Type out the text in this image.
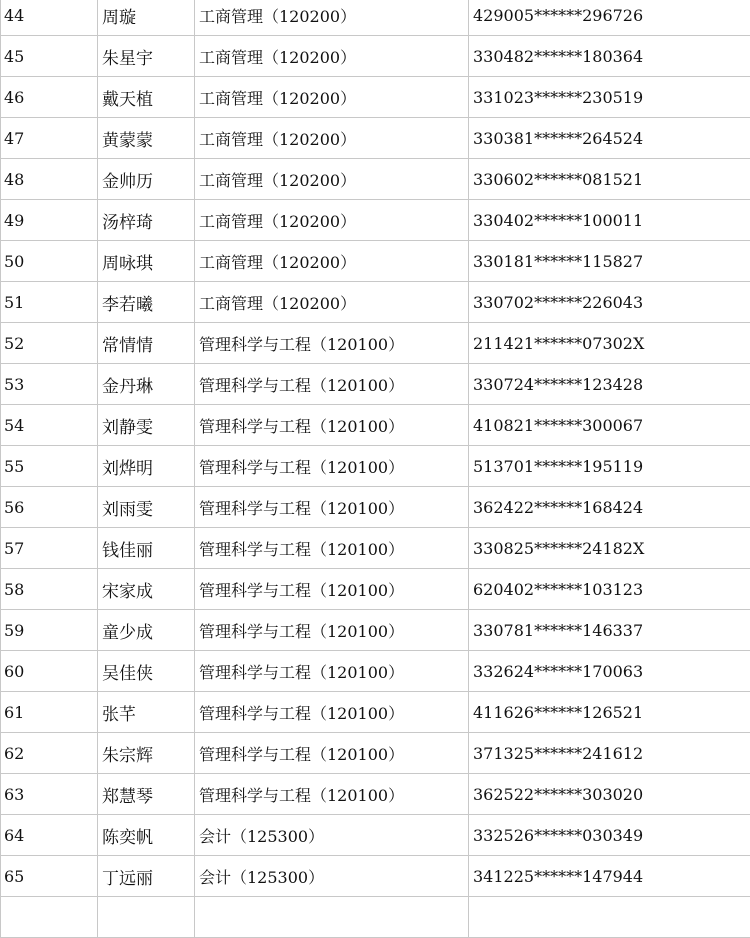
44	周璇	工商管理（120200）	429005******296726
45	朱星宇	工商管理（120200）	330482******180364
46	戴天植	工商管理（120200）	331023******230519
47	黄蒙蒙	工商管理（120200）	330381******264524
48	金帅历	工商管理（120200）	330602******081521
49	汤梓琦	工商管理（120200）	330402******100011
50	周咏琪	工商管理（120200）	330181******115827
51	李若曦	工商管理（120200）	330702******226043
52	常情情	管理科学与工程（120100）	211421******07302X
53	金丹琳	管理科学与工程（120100）	330724******123428
54	刘静雯	管理科学与工程（120100）	410821******300067
55	刘烨明	管理科学与工程（120100）	513701******195119
56	刘雨雯	管理科学与工程（120100）	362422******168424
57	钱佳丽	管理科学与工程（120100）	330825******24182X
58	宋家成	管理科学与工程（120100）	620402******103123
59	童少成	管理科学与工程（120100）	330781******146337
60	吴佳侠	管理科学与工程（120100）	332624******170063
61	张芊	管理科学与工程（120100）	411626******126521
62	朱宗辉	管理科学与工程（120100）	371325******241612
63	郑慧琴	管理科学与工程（120100）	362522******303020
64	陈奕帆	会计（125300）	332526******030349
65	丁远丽	会计（125300）	341225******147944
